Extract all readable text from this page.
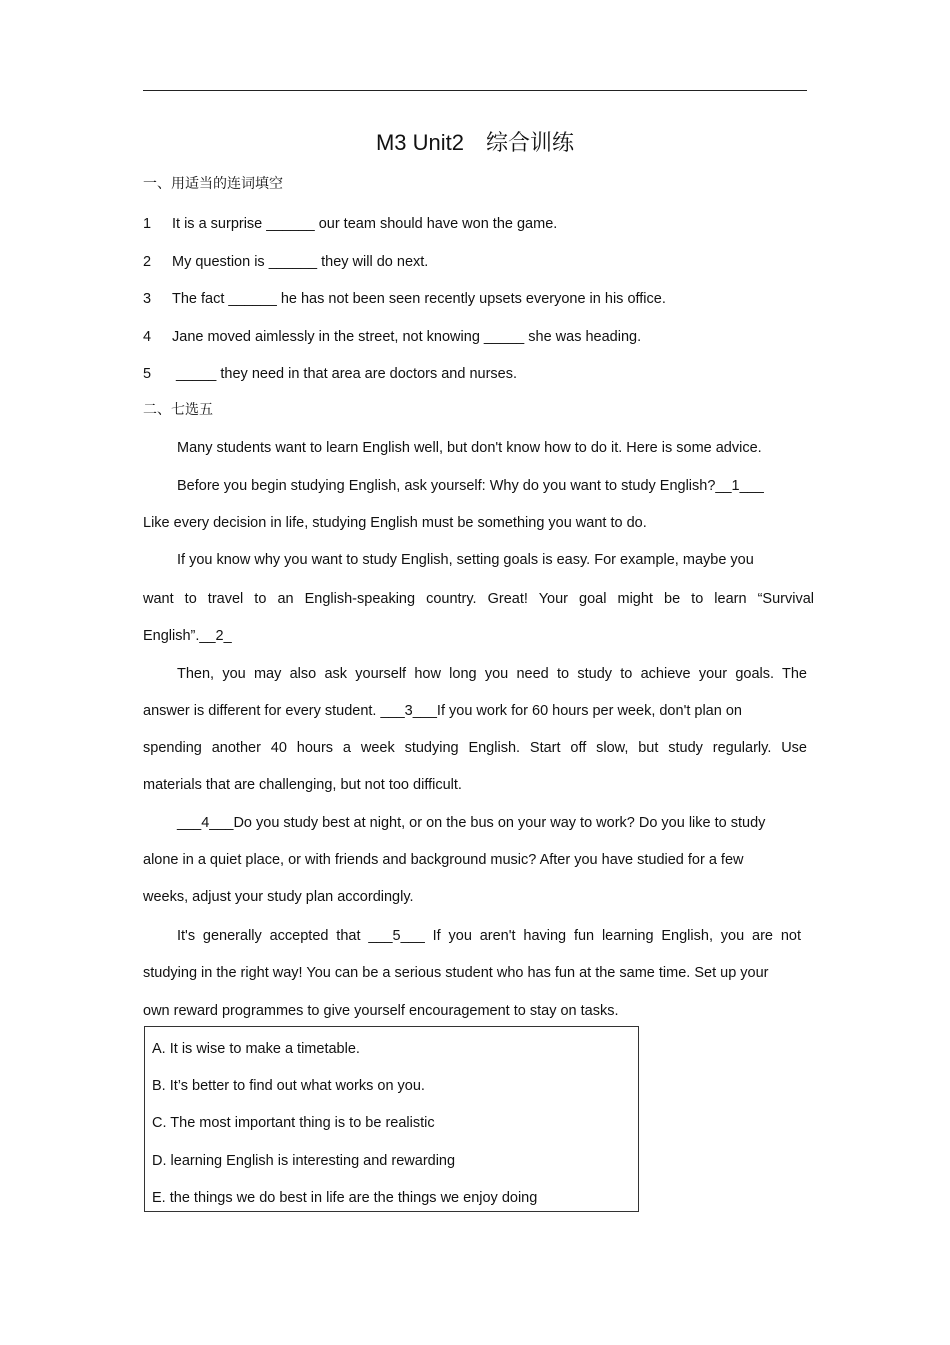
M3 Unit2　综合训练
一、用适当的连词填空
1 It is a surprise ______ our team should have won the game.
2 My question is ______ they will do next.
3 The fact ______ he has not been seen recently upsets everyone in his office.
4 Jane moved aimlessly in the street, not knowing _____ she was heading.
5 _____ they need in that area are doctors and nurses.
二、七选五
Many students want to learn English well, but don't know how to do it. Here is some advice.
Before you begin studying English, ask yourself: Why do you want to study English?__1___
Like every decision in life, studying English must be something you want to do.
If you know why you want to study English, setting goals is easy. For example, maybe you
want to travel to an English-speaking country. Great! Your goal might be to learn “Survival
English”.__2_
Then, you may also ask yourself how long you need to study to achieve your goals. The
answer is different for every student. ___3___If you work for 60 hours per week, don't plan on
spending another 40 hours a week studying English. Start off slow, but study regularly. Use
materials that are challenging, but not too difficult.
___4___Do you study best at night, or on the bus on your way to work? Do you like to study
alone in a quiet place, or with friends and background music? After you have studied for a few
weeks, adjust your study plan accordingly.
It's generally accepted that ___5___ If you aren't having fun learning English, you are not
studying in the right way! You can be a serious student who has fun at the same time. Set up your
own reward programmes to give yourself encouragement to stay on tasks.
A. It is wise to make a timetable.
B. It’s better to find out what works on you.
C. The most important thing is to be realistic
D. learning English is interesting and rewarding
E. the things we do best in life are the things we enjoy doing
